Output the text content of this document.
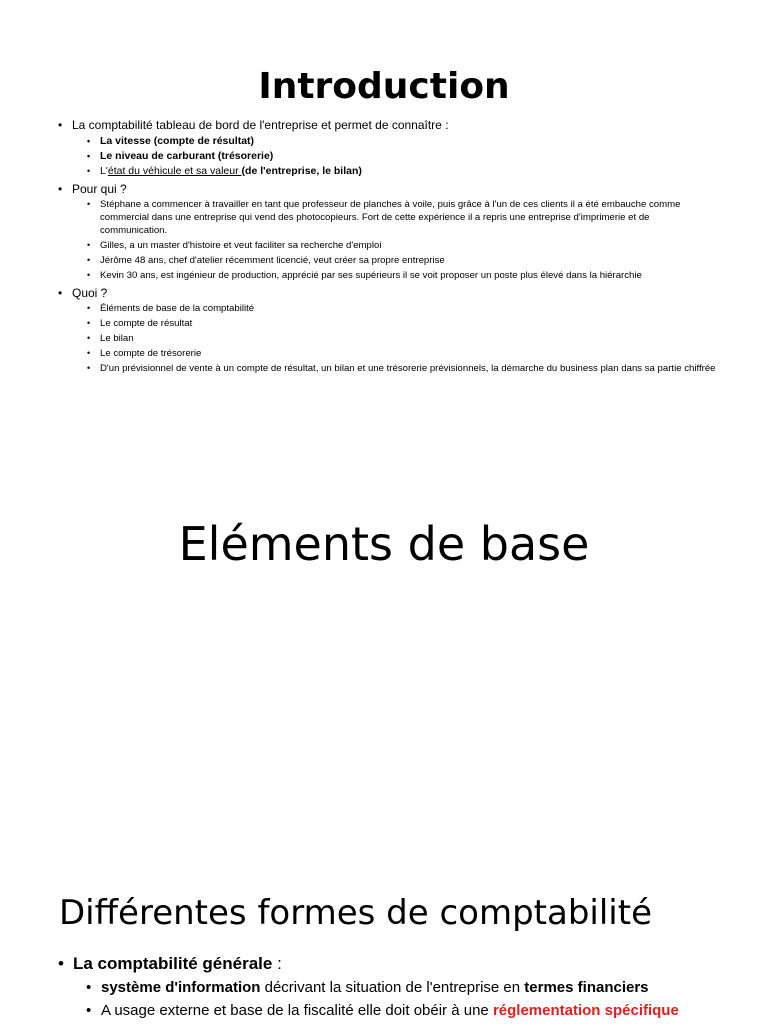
Introduction
• La comptabilité tableau de bord de l'entreprise et permet de connaître :
• La vitesse (compte de résultat)
• Le niveau de carburant (trésorerie)
• L'état du véhicule et sa valeur (de l'entreprise, le bilan)
• Pour qui ?
• Stéphane a commencer à travailler en tant que professeur de planches à voile, puis grâce à l'un de ces clients il a été embauche comme commercial dans une entreprise qui vend des photocopieurs. Fort de cette expérience il a repris une entreprise d'imprimerie et de communication.
• Gilles, a un master d'histoire et veut faciliter sa recherche d'emploi
• Jérôme 48 ans, chef d'atelier récemment licencié, veut créer sa propre entreprise
• Kevin 30 ans, est ingénieur de production, apprécié par ses supérieurs il se voit proposer un poste plus élevé dans la hiérarchie
• Quoi ?
• Éléments de base de la comptabilité
• Le compte de résultat
• Le bilan
• Le compte de trésorerie
• D'un prévisionnel de vente à un compte de résultat, un bilan et une trésorerie prévisionnels, la démarche du business plan dans sa partie chiffrée
Eléments de base
Différentes formes de comptabilité
• La comptabilité générale :
• système d'information décrivant la situation de l'entreprise en termes financiers
• A usage externe et base de la fiscalité elle doit obéir à une réglementation spécifique
